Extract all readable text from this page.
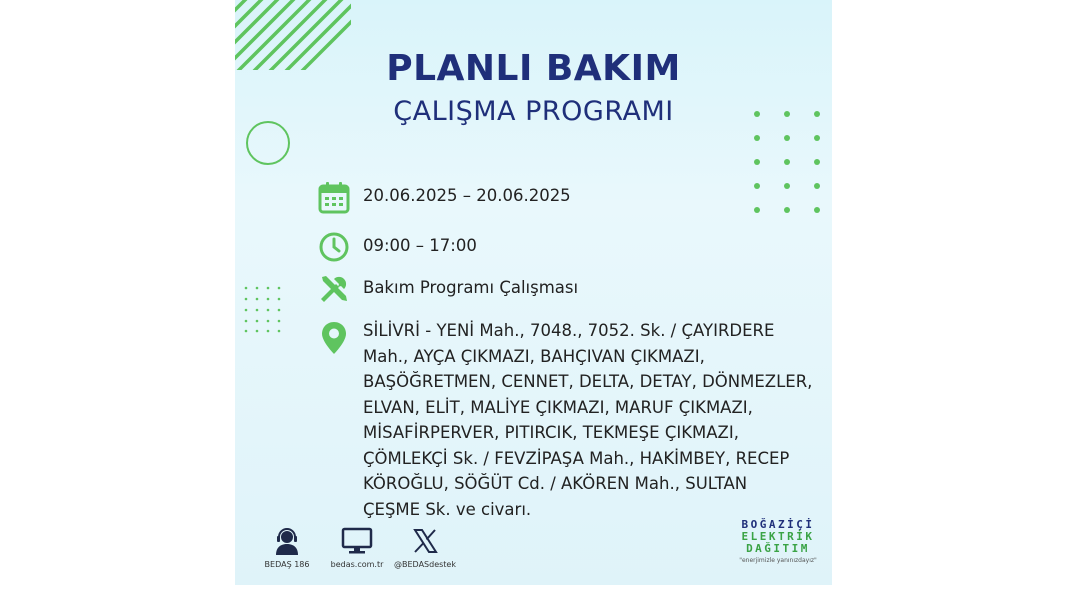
PLANLI BAKIM
ÇALIŞMA PROGRAMI
20.06.2025 – 20.06.2025
09:00 – 17:00
Bakım Programı Çalışması
SİLİVRİ - YENİ Mah., 7048., 7052. Sk. / ÇAYIRDERE
Mah., AYÇA ÇIKMAZI, BAHÇIVAN ÇIKMAZI,
BAŞÖĞRETMEN, CENNET, DELTA, DETAY, DÖNMEZLER,
ELVAN, ELİT, MALİYE ÇIKMAZI, MARUF ÇIKMAZI,
MİSAFİRPERVER, PITIRCIK, TEKMEŞE ÇIKMAZI,
ÇÖMLEKÇİ Sk. / FEVZİPAŞA Mah., HAKİMBEY, RECEP
KÖROĞLU, SÖĞÜT Cd. / AKÖREN Mah., SULTAN
ÇEŞME Sk. ve civarı.
BEDAŞ 186	bedas.com.tr	@BEDASdestek
BOĞAZİÇİ
ELEKTRİK
DAĞITIM
"enerjimizle yanınızdayız"
